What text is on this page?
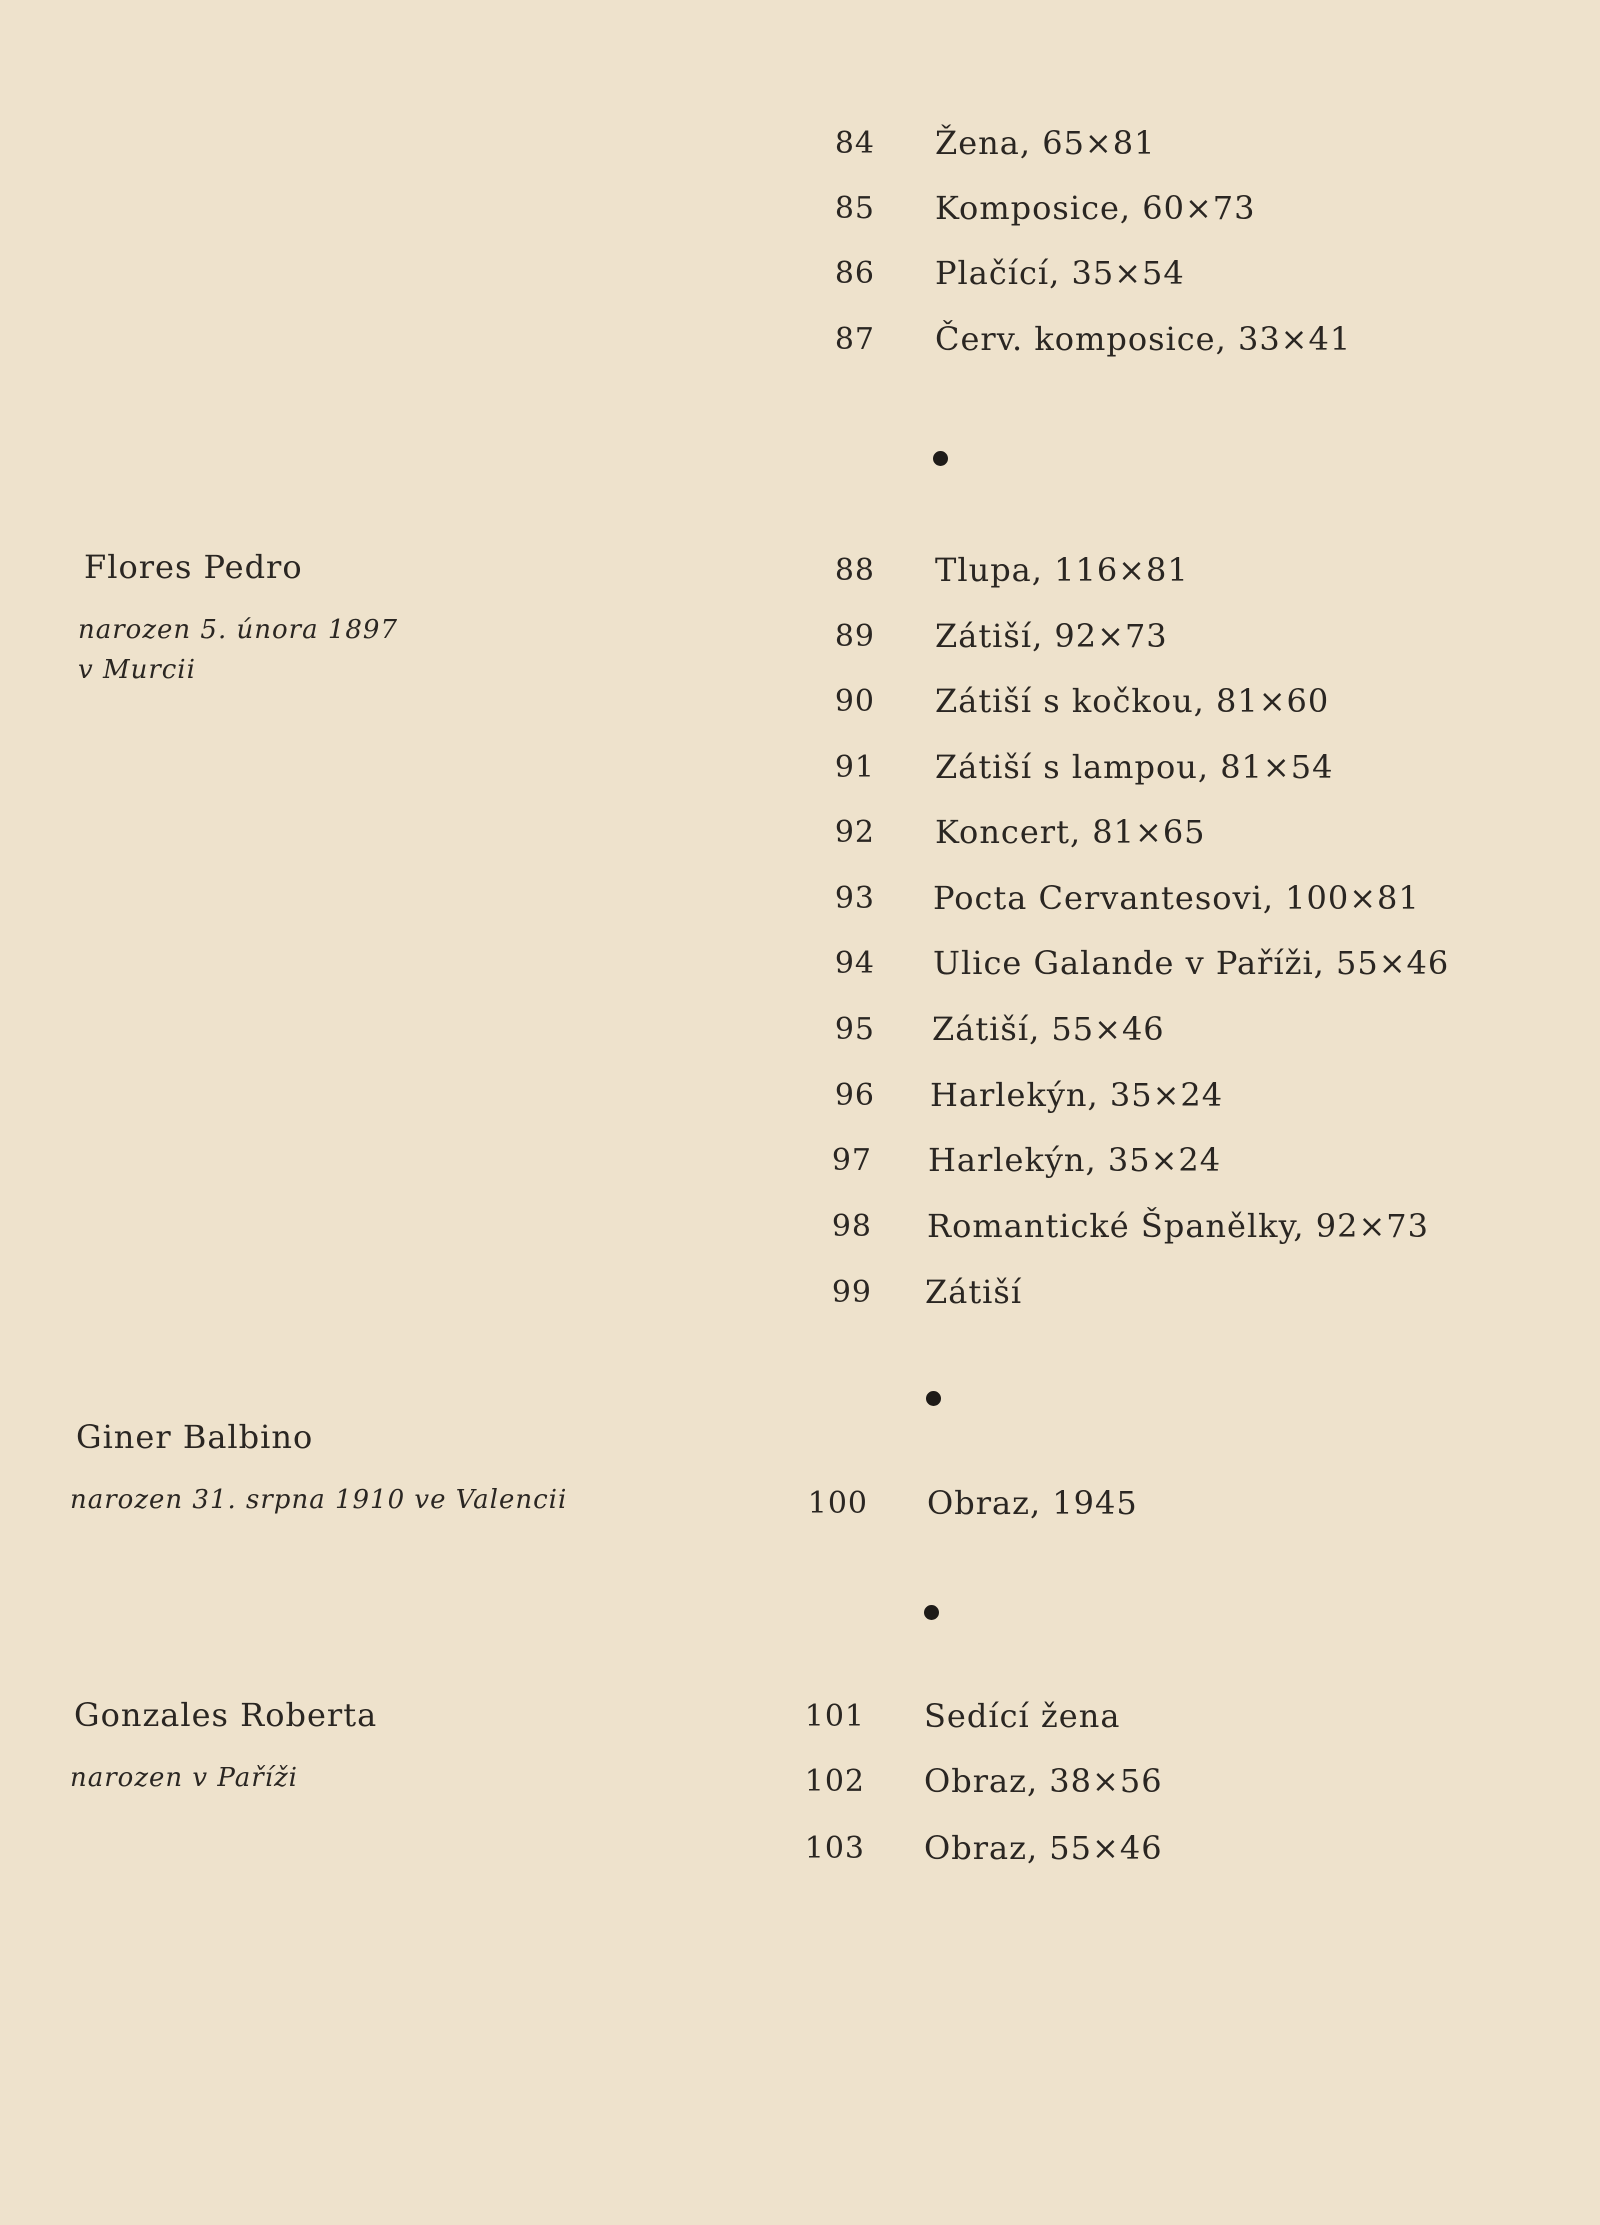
84 Žena, 65×81
85 Komposice, 60×73
86 Plačící, 35×54
87 Červ. komposice, 33×41
Flores Pedro
narozen 5. února 1897
v Murcii
88 Tlupa, 116×81
89 Zátiší, 92×73
90 Zátiší s kočkou, 81×60
91 Zátiší s lampou, 81×54
92 Koncert, 81×65
93 Pocta Cervantesovi, 100×81
94 Ulice Galande v Paříži, 55×46
95 Zátiší, 55×46
96 Harlekýn, 35×24
97 Harlekýn, 35×24
98 Romantické Španělky, 92×73
99 Zátiší
Giner Balbino
narozen 31. srpna 1910 ve Valencii	100 Obraz, 1945
Gonzales Roberta
narozen v Paříži
101 Sedící žena
102 Obraz, 38×56
103 Obraz, 55×46
